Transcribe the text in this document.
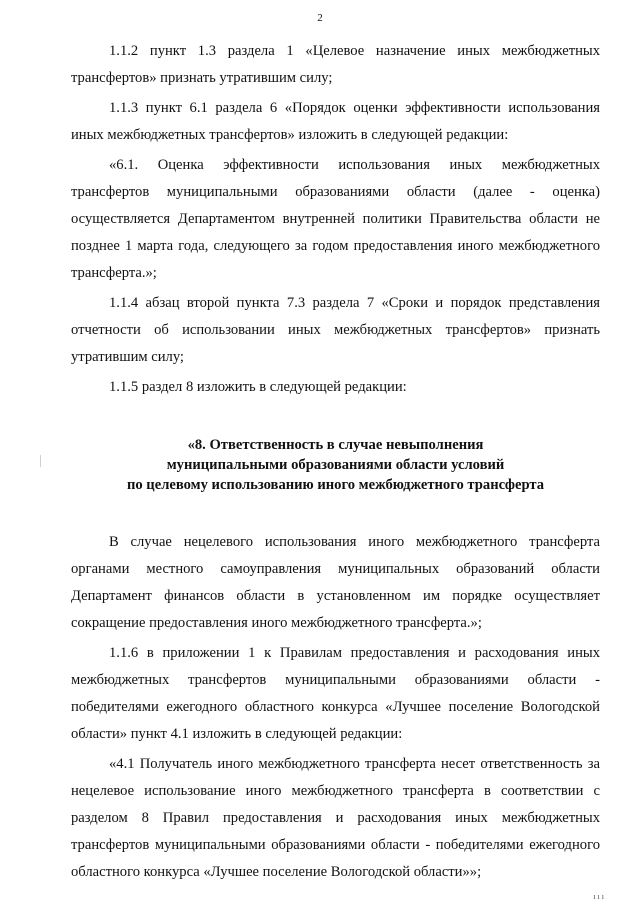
2

1.1.2 пункт 1.3 раздела 1 «Целевое назначение иных межбюджетных трансфертов» признать утратившим силу;

1.1.3 пункт 6.1 раздела 6 «Порядок оценки эффективности использования иных межбюджетных трансфертов» изложить в следующей редакции:

«6.1. Оценка эффективности использования иных межбюджетных трансфертов муниципальными образованиями области (далее - оценка) осуществляется Департаментом внутренней политики Правительства области не позднее 1 марта года, следующего за годом предоставления иного межбюджетного трансферта.»;

1.1.4 абзац второй пункта 7.3 раздела 7 «Сроки и порядок представления отчетности об использовании иных межбюджетных трансфертов» признать утратившим силу;

1.1.5 раздел 8 изложить в следующей редакции:

«8. Ответственность в случае невыполнения

муниципальными образованиями области условий

по целевому использованию иного межбюджетного трансферта

В случае нецелевого использования иного межбюджетного трансферта органами местного самоуправления муниципальных образований области Департамент финансов области в установленном им порядке осуществляет сокращение предоставления иного межбюджетного трансферта.»;

1.1.6 в приложении 1 к Правилам предоставления и расходования иных межбюджетных трансфертов муниципальными образованиями области - победителями ежегодного областного конкурса «Лучшее поселение Вологодской области» пункт 4.1 изложить в следующей редакции:

«4.1 Получатель иного межбюджетного трансферта несет ответственность за нецелевое использование иного межбюджетного трансферта в соответствии с разделом 8 Правил предоставления и расходования иных межбюджетных трансфертов муниципальными образованиями области - победителями ежегодного областного конкурса «Лучшее поселение Вологодской области»»;

ı ı ı
